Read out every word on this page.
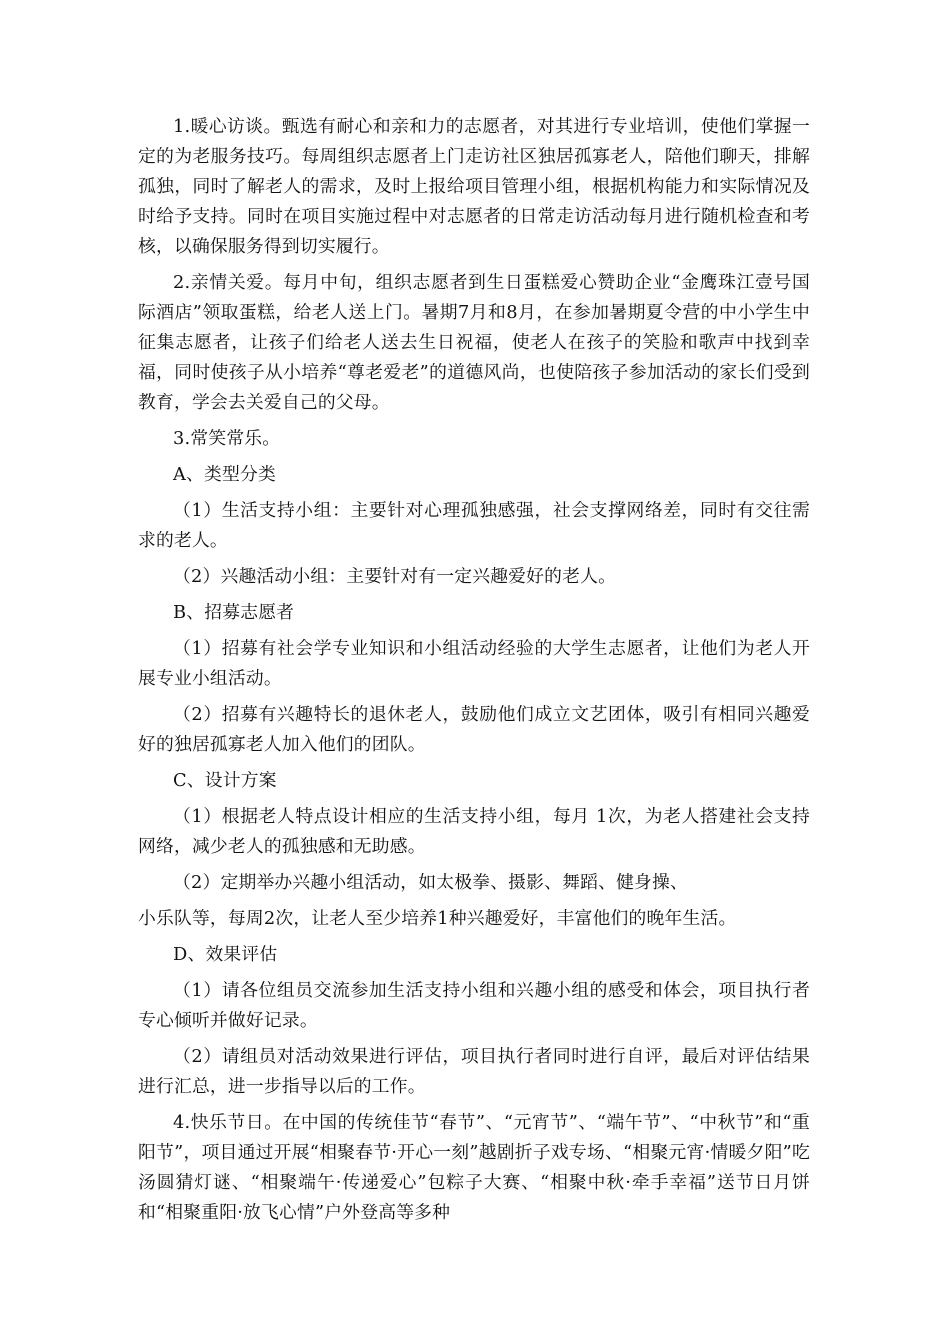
1.暖心访谈。甄选有耐心和亲和力的志愿者，对其进行专业培训，使他们掌握一定的为老服务技巧。每周组织志愿者上门走访社区独居孤寡老人，陪他们聊天，排解孤独，同时了解老人的需求，及时上报给项目管理小组，根据机构能力和实际情况及时给予支持。同时在项目实施过程中对志愿者的日常走访活动每月进行随机检查和考核，以确保服务得到切实履行。

2.亲情关爱。每月中旬，组织志愿者到生日蛋糕爱心赞助企业“金鹰珠江壹号国际酒店”领取蛋糕，给老人送上门。暑期7月和8月，在参加暑期夏令营的中小学生中征集志愿者，让孩子们给老人送去生日祝福，使老人在孩子的笑脸和歌声中找到幸福，同时使孩子从小培养“尊老爱老”的道德风尚，也使陪孩子参加活动的家长们受到教育，学会去关爱自己的父母。

3.常笑常乐。

A、类型分类

（1）生活支持小组：主要针对心理孤独感强，社会支撑网络差，同时有交往需求的老人。

（2）兴趣活动小组：主要针对有一定兴趣爱好的老人。

B、招募志愿者

（1）招募有社会学专业知识和小组活动经验的大学生志愿者，让他们为老人开展专业小组活动。

（2）招募有兴趣特长的退休老人，鼓励他们成立文艺团体，吸引有相同兴趣爱好的独居孤寡老人加入他们的团队。

C、设计方案

（1）根据老人特点设计相应的生活支持小组，每月 1次，为老人搭建社会支持网络，减少老人的孤独感和无助感。

（2）定期举办兴趣小组活动，如太极拳、摄影、舞蹈、健身操、

小乐队等，每周2次，让老人至少培养1种兴趣爱好，丰富他们的晚年生活。

D、效果评估

（1）请各位组员交流参加生活支持小组和兴趣小组的感受和体会，项目执行者专心倾听并做好记录。

（2）请组员对活动效果进行评估，项目执行者同时进行自评，最后对评估结果进行汇总，进一步指导以后的工作。

4.快乐节日。在中国的传统佳节“春节”、“元宵节”、“端午节”、“中秋节”和“重阳节”，项目通过开展“相聚春节·开心一刻”越剧折子戏专场、“相聚元宵·情暖夕阳”吃汤圆猜灯谜、“相聚端午·传递爱心”包粽子大赛、“相聚中秋·牵手幸福”送节日月饼和“相聚重阳·放飞心情”户外登高等多种
